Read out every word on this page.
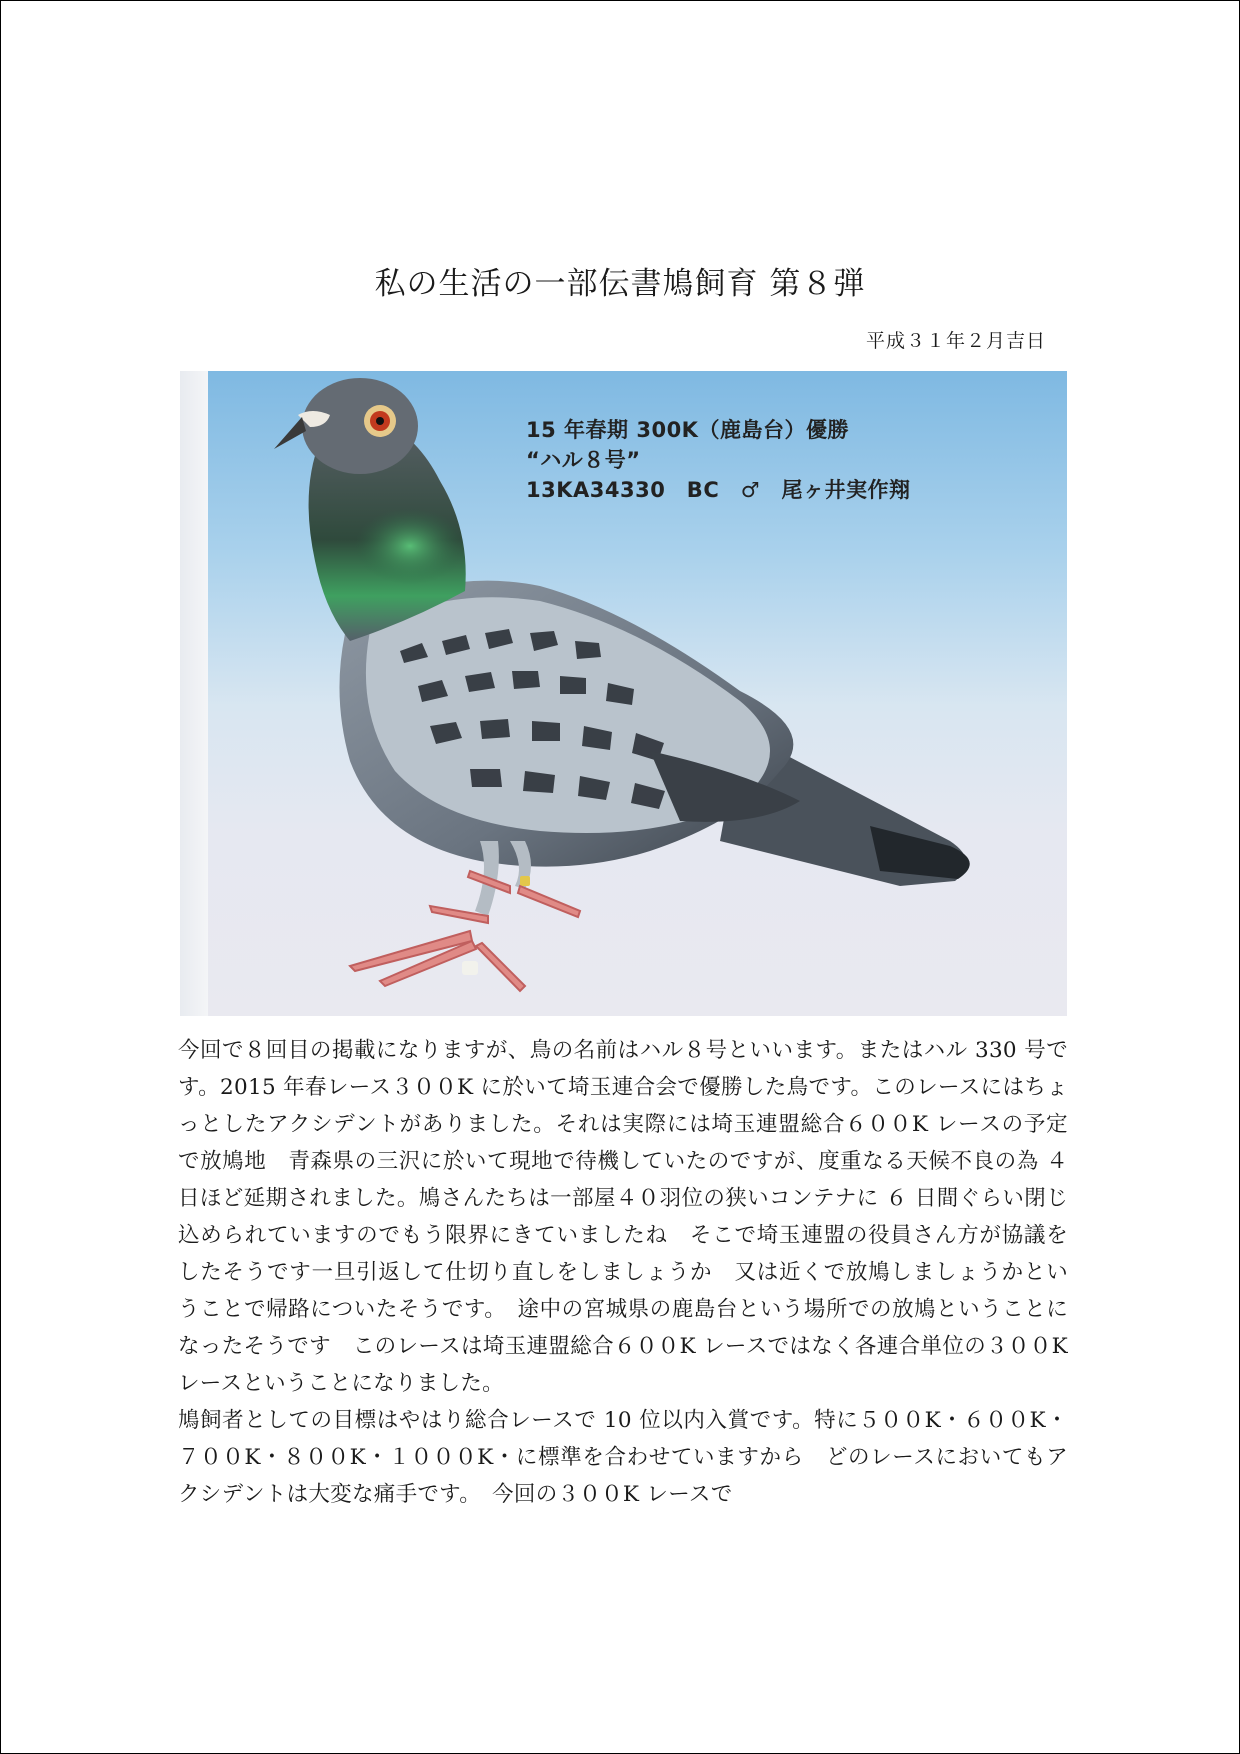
私の生活の一部伝書鳩飼育 第８弾
平成３１年２月吉日
15 年春期 300K（鹿島台）優勝
“ハル８号”
13KA34330　BC　♂　尾ヶ井実作翔

今回で８回目の掲載になりますが、鳥の名前はハル８号といいます。またはハル 330 号です。2015 年春レース３００K に於いて埼玉連合会で優勝した鳥です。このレースにはちょっとしたアクシデントがありました。それは実際には埼玉連盟総合６００K レースの予定で放鳩地　青森県の三沢に於いて現地で待機していたのですが、度重なる天候不良の為 ４ 日ほど延期されました。鳩さんたちは一部屋４０羽位の狭いコンテナに ６ 日間ぐらい閉じ込められていますのでもう限界にきていましたね　そこで埼玉連盟の役員さん方が協議をしたそうです一旦引返して仕切り直しをしましょうか　又は近くで放鳩しましょうかということで帰路についたそうです。　途中の宮城県の鹿島台という場所での放鳩ということになったそうです　このレースは埼玉連盟総合６００K レースではなく各連合単位の３００K レースということになりました。

鳩飼者としての目標はやはり総合レースで 10 位以内入賞です。特に５００K・６００K・７００K・８００K・１０００K・に標準を合わせていますから　どのレースにおいてもアクシデントは大変な痛手です。　今回の３００K レースで
